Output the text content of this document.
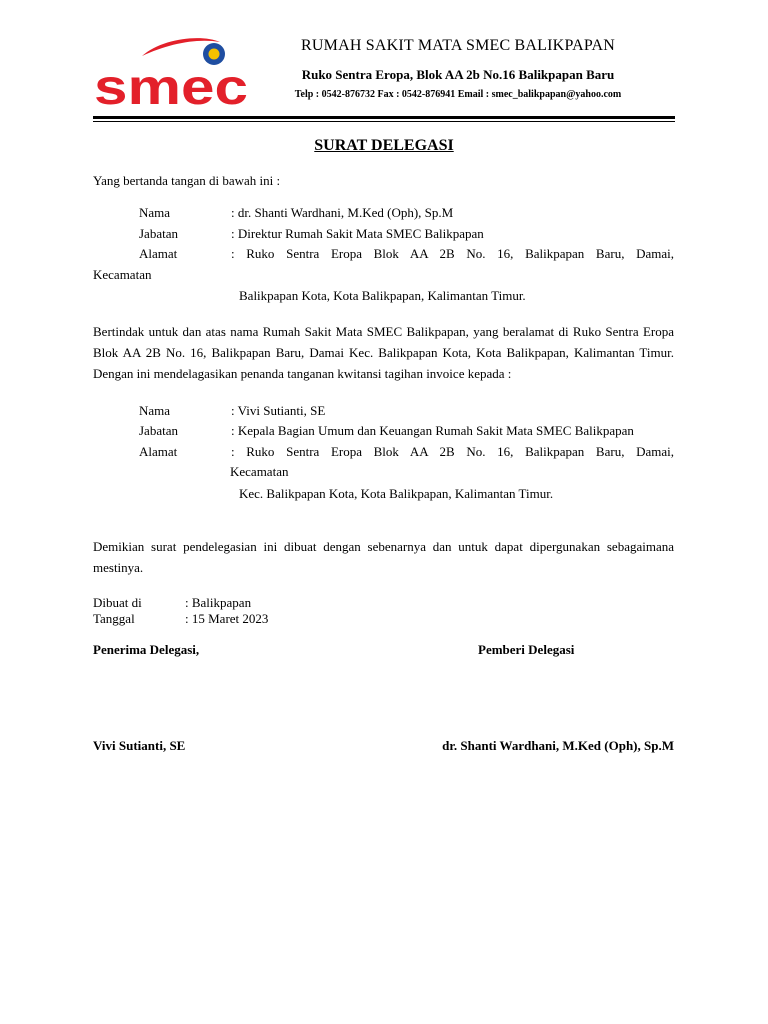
smec
RUMAH SAKIT MATA SMEC BALIKPAPAN
Ruko Sentra Eropa, Blok AA 2b No.16 Balikpapan Baru
Telp : 0542-876732 Fax : 0542-876941 Email : smec_balikpapan@yahoo.com
SURAT DELEGASI
Yang bertanda tangan di bawah ini :
Nama	: dr. Shanti Wardhani, M.Ked (Oph), Sp.M
Jabatan	: Direktur Rumah Sakit Mata SMEC Balikpapan
Alamat	: Ruko Sentra Eropa Blok AA 2B No. 16, Balikpapan Baru, Damai,
Kecamatan
Balikpapan Kota, Kota Balikpapan, Kalimantan Timur.
Bertindak untuk dan atas nama Rumah Sakit Mata SMEC Balikpapan, yang beralamat di Ruko Sentra Eropa Blok AA 2B No. 16, Balikpapan Baru, Damai Kec. Balikpapan Kota, Kota Balikpapan, Kalimantan Timur. Dengan ini mendelagasikan penanda tanganan kwitansi tagihan invoice kepada :
Nama	: Vivi Sutianti, SE
Jabatan	: Kepala Bagian Umum dan Keuangan Rumah Sakit Mata SMEC Balikpapan
Alamat	: Ruko Sentra Eropa Blok AA 2B No. 16, Balikpapan Baru, Damai,
Kecamatan
Kec. Balikpapan Kota, Kota Balikpapan, Kalimantan Timur.
Demikian surat pendelegasian ini dibuat dengan sebenarnya dan untuk dapat dipergunakan sebagaimana mestinya.
Dibuat di	: Balikpapan
Tanggal	: 15 Maret 2023
Penerima Delegasi,	Pemberi Delegasi
Vivi Sutianti, SE	dr. Shanti Wardhani, M.Ked (Oph), Sp.M
